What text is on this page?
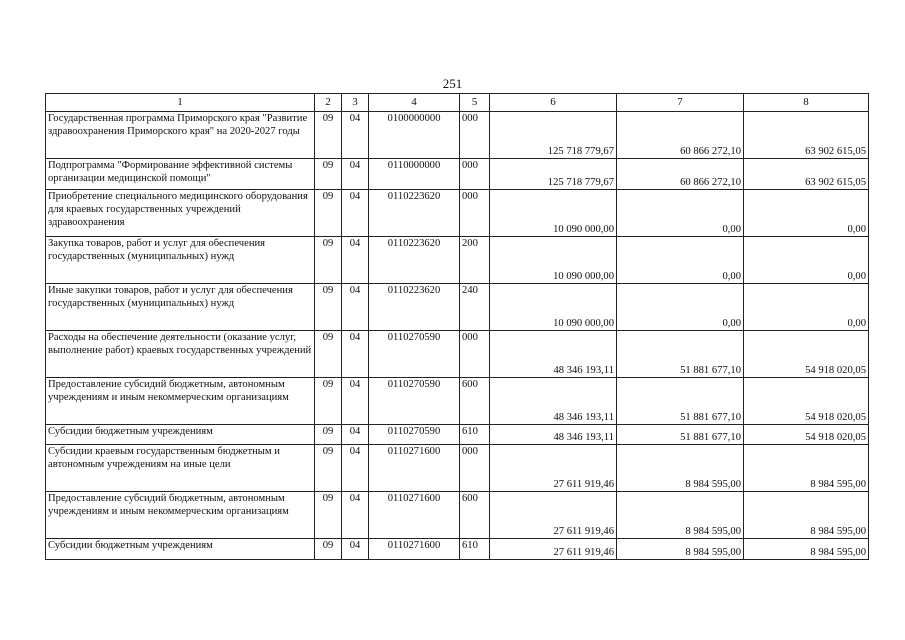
251
1	2	3	4	5	6	7	8
Государственная программа Приморского края "Развитие здравоохранения Приморского края" на 2020-2027 годы	09	04	0100000000	000	125 718 779,67	60 866 272,10	63 902 615,05
Подпрограмма "Формирование эффективной системы организации медицинской помощи"	09	04	0110000000	000	125 718 779,67	60 866 272,10	63 902 615,05
Приобретение специального медицинского оборудования для краевых государственных учреждений здравоохранения	09	04	0110223620	000	10 090 000,00	0,00	0,00
Закупка товаров, работ и услуг для обеспечения государственных (муниципальных) нужд	09	04	0110223620	200	10 090 000,00	0,00	0,00
Иные закупки товаров, работ и услуг для обеспечения государственных (муниципальных) нужд	09	04	0110223620	240	10 090 000,00	0,00	0,00
Расходы на обеспечение деятельности (оказание услуг, выполнение работ) краевых государственных учреждений	09	04	0110270590	000	48 346 193,11	51 881 677,10	54 918 020,05
Предоставление субсидий бюджетным, автономным учреждениям и иным некоммерческим организациям	09	04	0110270590	600	48 346 193,11	51 881 677,10	54 918 020,05
Субсидии бюджетным учреждениям	09	04	0110270590	610	48 346 193,11	51 881 677,10	54 918 020,05
Субсидии краевым государственным бюджетным и автономным учреждениям на иные цели	09	04	0110271600	000	27 611 919,46	8 984 595,00	8 984 595,00
Предоставление субсидий бюджетным, автономным учреждениям и иным некоммерческим организациям	09	04	0110271600	600	27 611 919,46	8 984 595,00	8 984 595,00
Субсидии бюджетным учреждениям	09	04	0110271600	610	27 611 919,46	8 984 595,00	8 984 595,00
